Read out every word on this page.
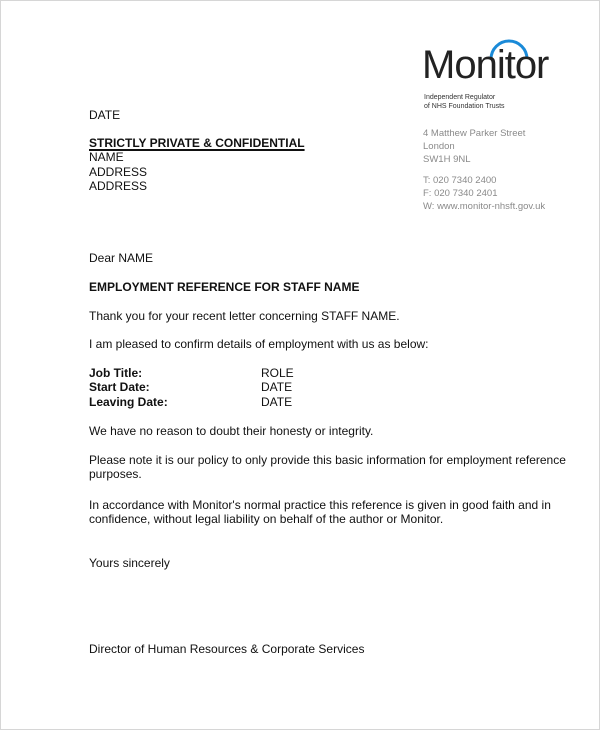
Monitor
Independent Regulator
of NHS Foundation Trusts
4 Matthew Parker Street
London
SW1H 9NL
T: 020 7340 2400
F: 020 7340 2401
W: www.monitor-nhsft.gov.uk
DATE
STRICTLY PRIVATE & CONFIDENTIAL
NAME
ADDRESS
ADDRESS
Dear NAME
EMPLOYMENT REFERENCE FOR STAFF NAME
Thank you for your recent letter concerning STAFF NAME.
I am pleased to confirm details of employment with us as below:
Job Title:	ROLE
Start Date:	DATE
Leaving Date:	DATE
We have no reason to doubt their honesty or integrity.
Please note it is our policy to only provide this basic information for employment reference
purposes.
In accordance with Monitor's normal practice this reference is given in good faith and in
confidence, without legal liability on behalf of the author or Monitor.
Yours sincerely
Director of Human Resources & Corporate Services
